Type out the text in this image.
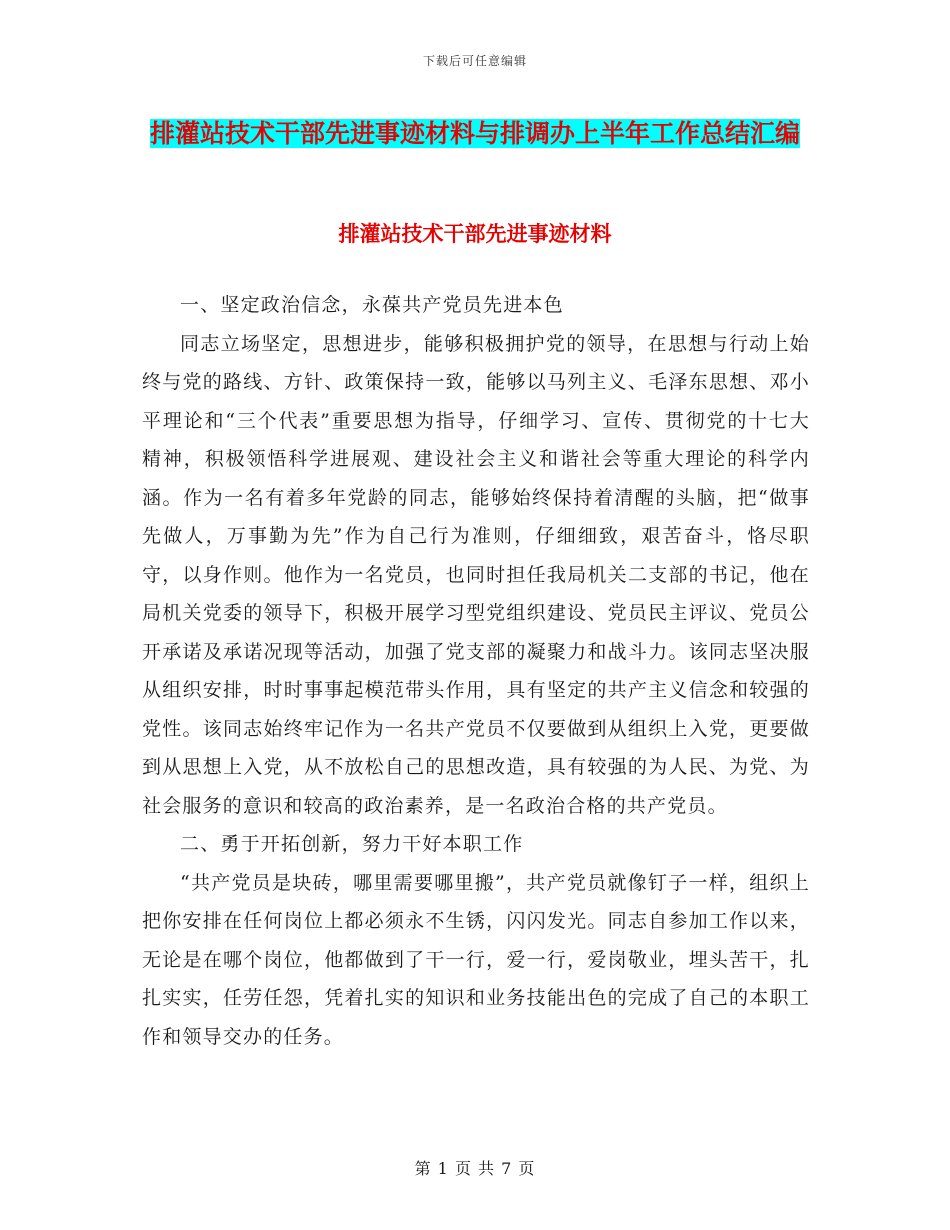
下载后可任意编辑
排灌站技术干部先进事迹材料与排调办上半年工作总结汇编
排灌站技术干部先进事迹材料

一、坚定政治信念，永葆共产党员先进本色

同志立场坚定，思想进步，能够积极拥护党的领导，在思想与行动上始终与党的路线、方针、政策保持一致，能够以马列主义、毛泽东思想、邓小平理论和“三个代表”重要思想为指导，仔细学习、宣传、贯彻党的十七大精神，积极领悟科学进展观、建设社会主义和谐社会等重大理论的科学内涵。作为一名有着多年党龄的同志，能够始终保持着清醒的头脑，把“做事先做人，万事勤为先”作为自己行为准则，仔细细致，艰苦奋斗，恪尽职守，以身作则。他作为一名党员，也同时担任我局机关二支部的书记，他在局机关党委的领导下，积极开展学习型党组织建设、党员民主评议、党员公开承诺及承诺况现等活动，加强了党支部的凝聚力和战斗力。该同志坚决服从组织安排，时时事事起模范带头作用，具有坚定的共产主义信念和较强的党性。该同志始终牢记作为一名共产党员不仅要做到从组织上入党，更要做到从思想上入党，从不放松自己的思想改造，具有较强的为人民、为党、为社会服务的意识和较高的政治素养，是一名政治合格的共产党员。

二、勇于开拓创新，努力干好本职工作

“共产党员是块砖，哪里需要哪里搬”，共产党员就像钉子一样，组织上把你安排在任何岗位上都必须永不生锈，闪闪发光。同志自参加工作以来，无论是在哪个岗位，他都做到了干一行，爱一行，爱岗敬业，埋头苦干，扎扎实实，任劳任怨，凭着扎实的知识和业务技能出色的完成了自己的本职工作和领导交办的任务。

第 1 页 共 7 页
